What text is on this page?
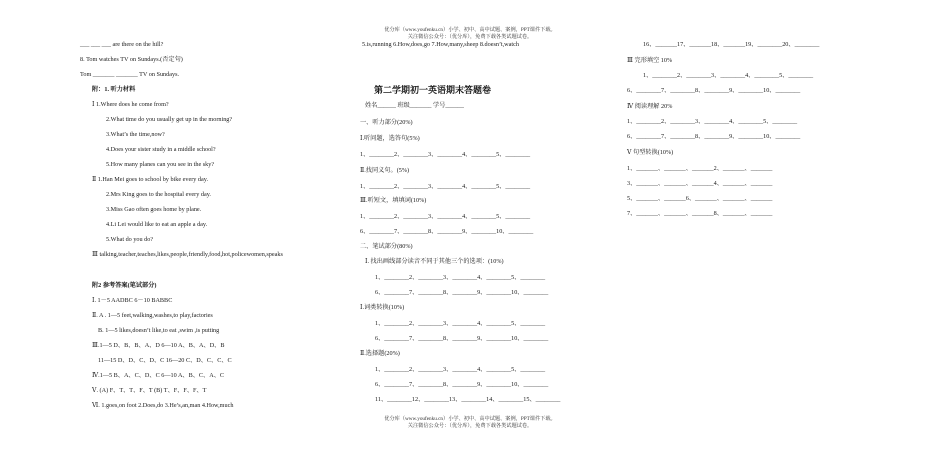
优分库（www.youfenku.cn）小学、初中、高中试题、案例，PPT课件下载。
关注微信公众号：（优分库），免费下载各类试题试卷。
___ ___ ___ are there on the hill?
8. Tom watches TV on Sundays.(否定句)
Tom _______ _______ TV on Sundays.
附：1. 听力材料
Ⅰ 1.Where does he come from?
2.What time do you usually get up in the morning?
3.What’s the time,now?
4.Does your sister study in a middle school?
5.How many planes can you see in the sky?
Ⅱ 1.Han Mei goes to school by bike every day.
2.Mrs King goes to the hospital every day.
3.Miss Gao often goes home by plane.
4.Li Lei would like to eat an apple a day.
5.What do you do?
Ⅲ talking,teacher,teaches,likes,people,friendly,food,hot,policewomen,speaks
附2 参考答案(笔试部分)
Ⅰ. 1－5 AADBC 6－10 BABBC
Ⅱ. A . 1—5 feet,walking,washes,to play,factories
B. 1—5 likes,doesn’t like,to eat ,swim ,is putting
Ⅲ.1—5 D、B、B、A、D 6—10 A、B、A、D、B
11—15 D、D、C、D、C 16—20 C、D、C、C、C
Ⅳ.1—5 B、A、C、D、C 6—10 A、B、C、A、C
Ⅴ. (A) F、T、T、F、T (B) T、F、F、F、T
Ⅵ. 1.goes,on foot 2.Does,do 3.He’s,an,man 4.How,much
5.is,running 6.How,does,go 7.How,many,sheep 8.doesn’t,watch
第二学期初一英语期末答题卷
姓名______ 班级_______ 学号______
一、听力部分(20%)
Ⅰ.听问题，选答句(5%)
1、________2、________3、________4、________5、________
Ⅱ.找同义句。(5%)
1、________2、________3、________4、________5、________
Ⅲ.听短文，填填词(10%)
1、________2、________3、________4、________5、________
6、________7、________8、________9、________10、________
二、笔试部分(80%)
Ⅰ. 找出画线部分读音不同于其他三个的选项：(10%)
1、________2、________3、________4、________5、________
6、________7、________8、________9、________10、________
Ⅰ.词类转换(10%)
1、________2、________3、________4、________5、________
6、________7、________8、________9、________10、________
Ⅱ.选择题(20%)
1、________2、________3、________4、________5、________
6、________7、________8、________9、________10、________
11、________12、________13、________14、________15、________
16、_______17、_______18、_______19、________20、________
Ⅲ 完形填空 10%
1、________2、________3、________4、________5、________
6、________7、________8、________9、________10、________
Ⅳ 阅读理解 20%
1、________2、________3、________4、________5、________
6、________7、________8、________9、________10、________
Ⅴ 句型转换(10%)
1、_______、_______、_______2、_______、_______
3、_______、_______、_______4、_______、_______
5、_______、_______6、_______、_______、_______
7、_______、_______、_______8、_______、_______
优分库（www.youfenku.cn）小学、初中、高中试题、案例，PPT课件下载。
关注微信公众号：（优分库），免费下载各类试题试卷。
